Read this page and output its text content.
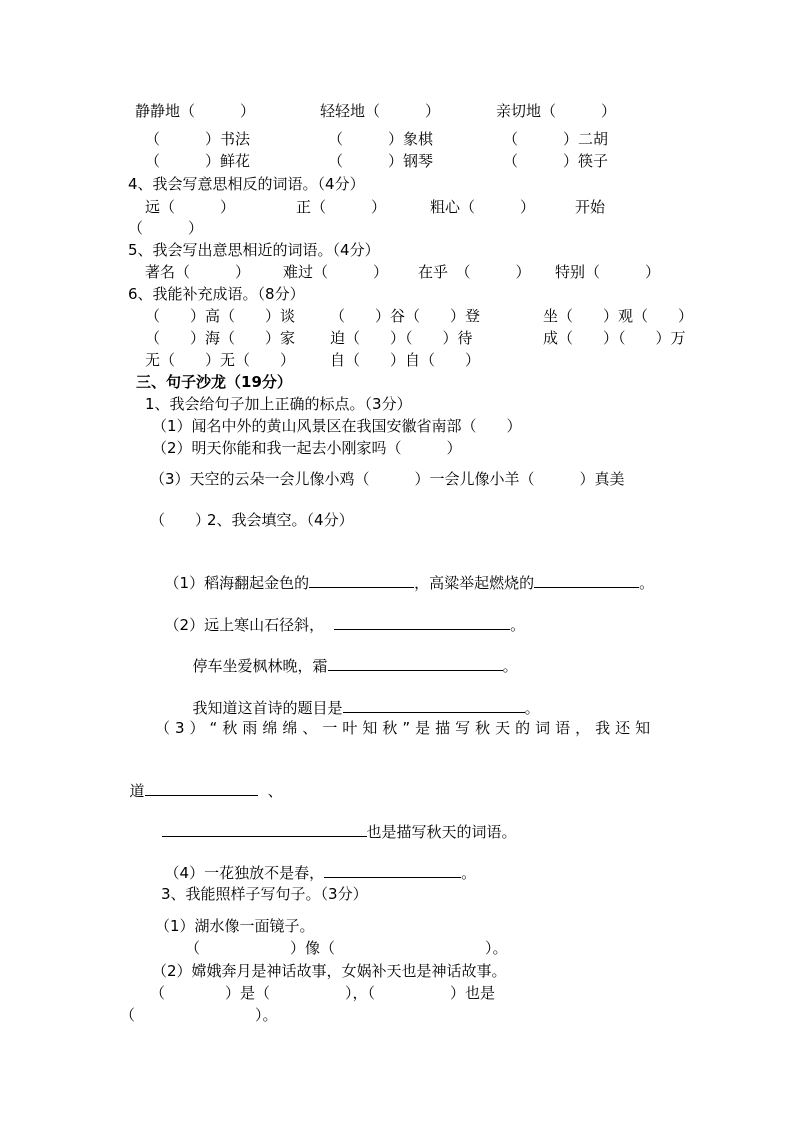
静静地（　　　）	轻轻地（　　　）	亲切地（　　　）
（　　　）书法	（　　　）象棋	（　　　）二胡
（　　　）鲜花	（　　　）钢琴	（　　　）筷子
4、我会写意思相反的词语。（4分）
远（　　　）	正（　　　）	粗心（　　　）	开始
（　　　）
5、我会写出意思相近的词语。（4分）
著名（　　　） 难过（　　　） 在乎　（　　　） 特别（　　　）
6、我能补充成语。（8分）
（　　）高（　　）谈 （　　）谷（　　）登	坐（　　）观（　　）
（　　）海（　　）家 迫（　　）（　　）待	成（　　）（　　）万
无（　　）无（　　） 自（　　）自（　　）
三、句子沙龙（19分）
1、我会给句子加上正确的标点。（3分）
（1）闻名中外的黄山风景区在我国安徽省南部（　　）
（2）明天你能和我一起去小刚家吗（　　　）
（3）天空的云朵一会儿像小鸡（　　　）一会儿像小羊（　　　）真美
（　　）
2、我会填空。（4分）

（1）稻海翻起金色的	，高粱举起燃烧的	。

（2）远上寒山石径斜，	。

停车坐爱枫林晚，霜	。

我知道这首诗的题目是	。

（3）“秋雨绵绵、一叶知秋”是描写秋天的词语，我还知

道	、

也是描写秋天的词语。

（4）一花独放不是春，	。

3、我能照样子写句子。（3分）
（1）湖水像一面镜子。
（　　　　　　）像（　　　　　　　　　　）。
（2）嫦娥奔月是神话故事，女娲补天也是神话故事。
（　　　　）是（　　　　　），（　　　　　）也是
（　　　　　　　　）。
